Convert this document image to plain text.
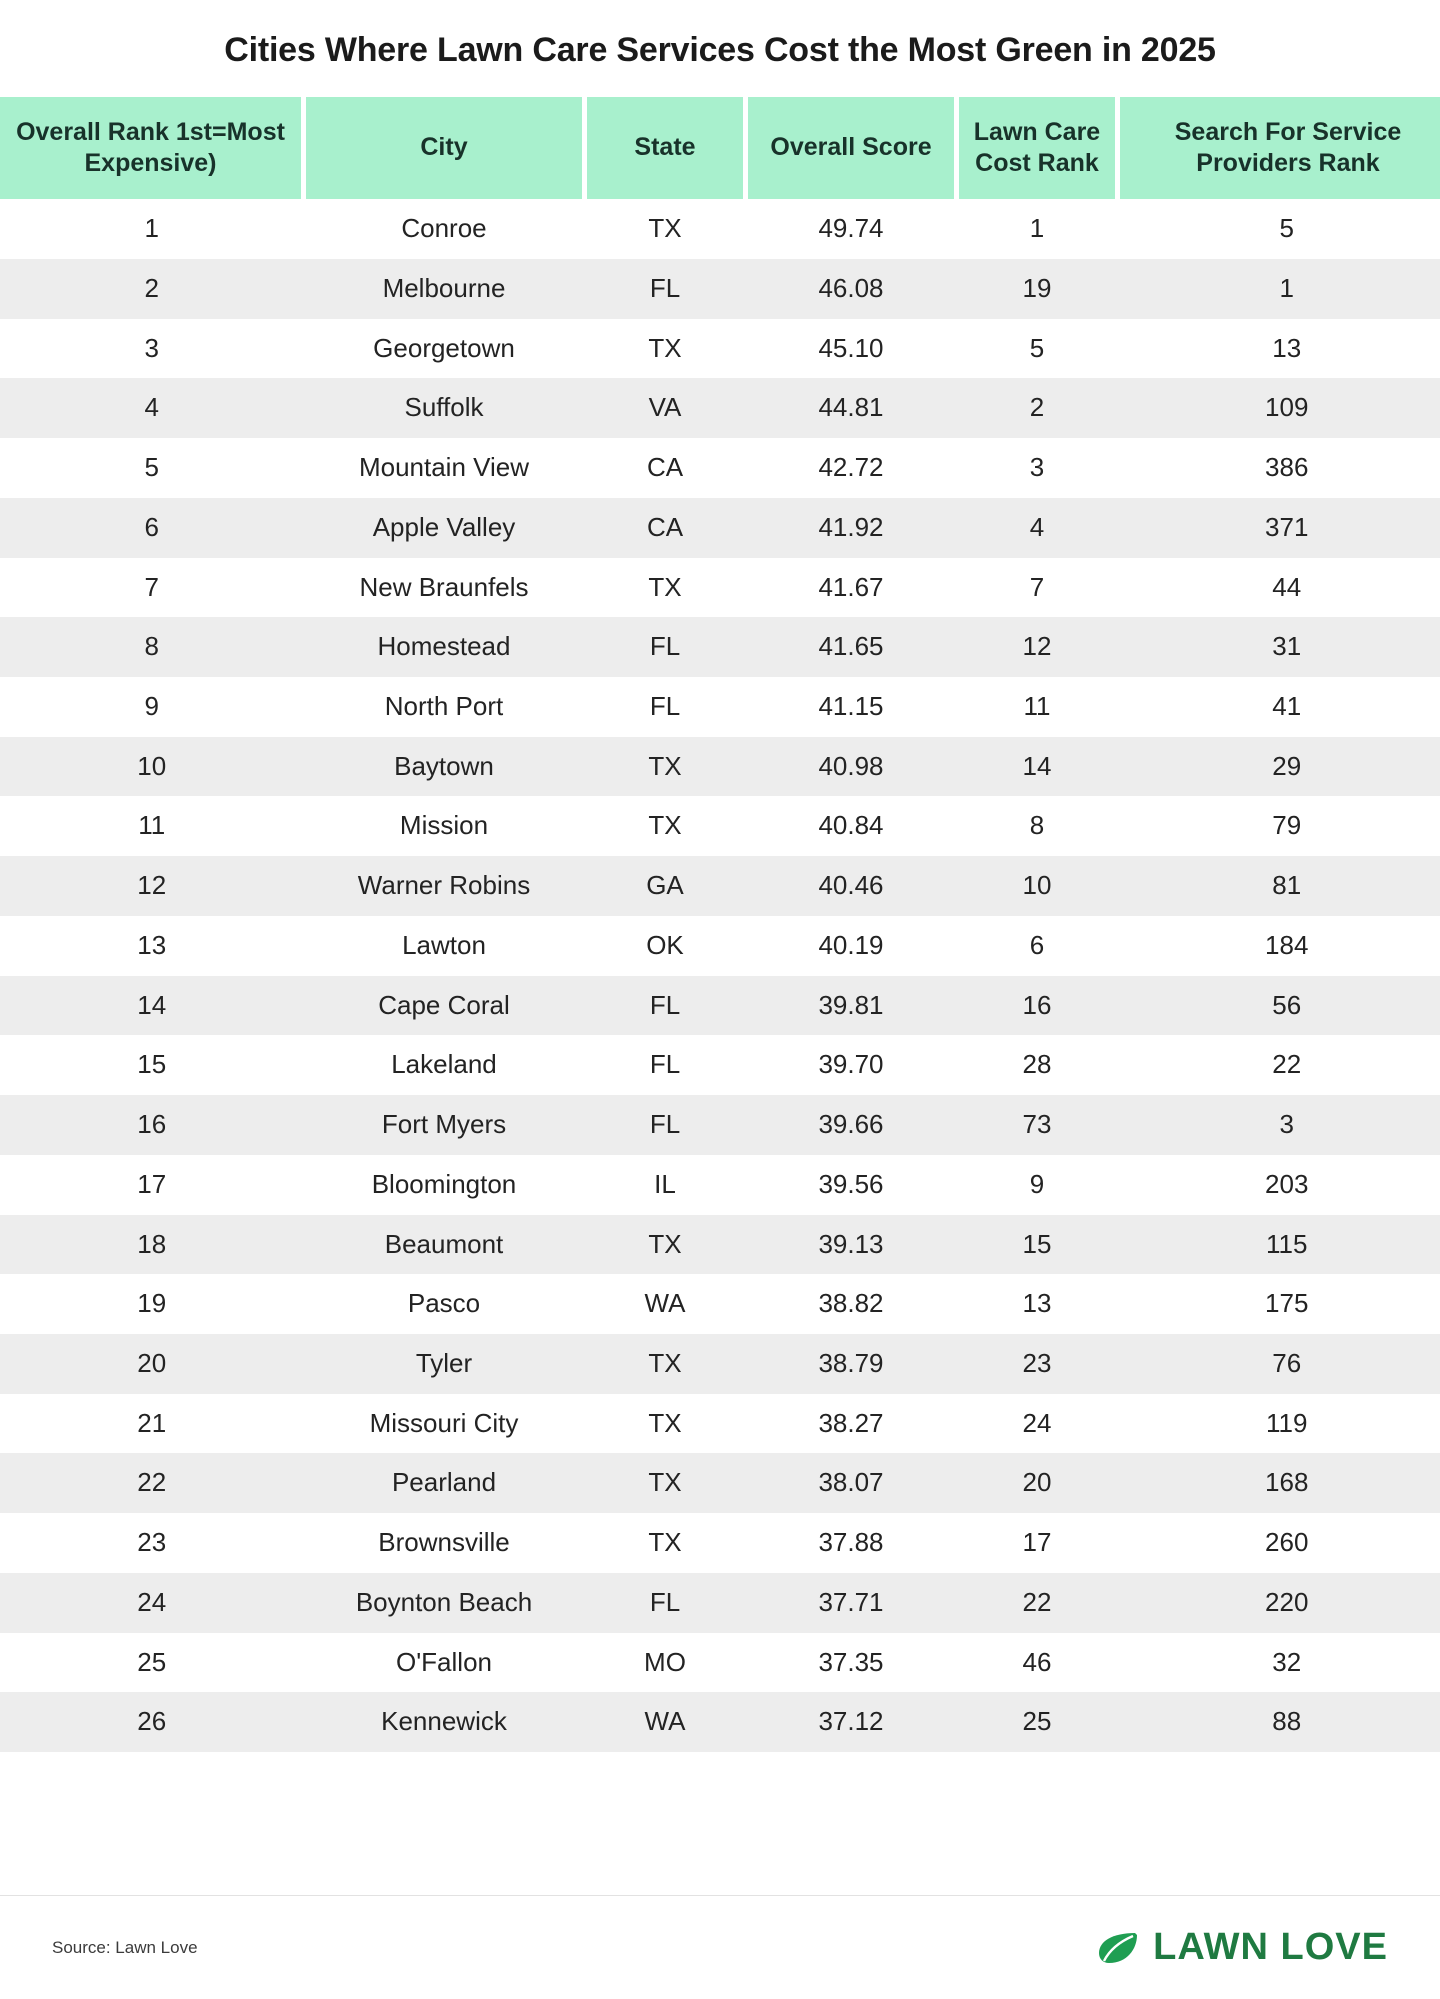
Cities Where Lawn Care Services Cost the Most Green in 2025
Overall Rank 1st=Most Expensive)	City	State	Overall Score	Lawn Care Cost Rank	Search For Service Providers Rank
1	Conroe	TX	49.74	1	5
2	Melbourne	FL	46.08	19	1
3	Georgetown	TX	45.10	5	13
4	Suffolk	VA	44.81	2	109
5	Mountain View	CA	42.72	3	386
6	Apple Valley	CA	41.92	4	371
7	New Braunfels	TX	41.67	7	44
8	Homestead	FL	41.65	12	31
9	North Port	FL	41.15	11	41
10	Baytown	TX	40.98	14	29
11	Mission	TX	40.84	8	79
12	Warner Robins	GA	40.46	10	81
13	Lawton	OK	40.19	6	184
14	Cape Coral	FL	39.81	16	56
15	Lakeland	FL	39.70	28	22
16	Fort Myers	FL	39.66	73	3
17	Bloomington	IL	39.56	9	203
18	Beaumont	TX	39.13	15	115
19	Pasco	WA	38.82	13	175
20	Tyler	TX	38.79	23	76
21	Missouri City	TX	38.27	24	119
22	Pearland	TX	38.07	20	168
23	Brownsville	TX	37.88	17	260
24	Boynton Beach	FL	37.71	22	220
25	O'Fallon	MO	37.35	46	32
26	Kennewick	WA	37.12	25	88
Source: Lawn Love	LAWN LOVE
